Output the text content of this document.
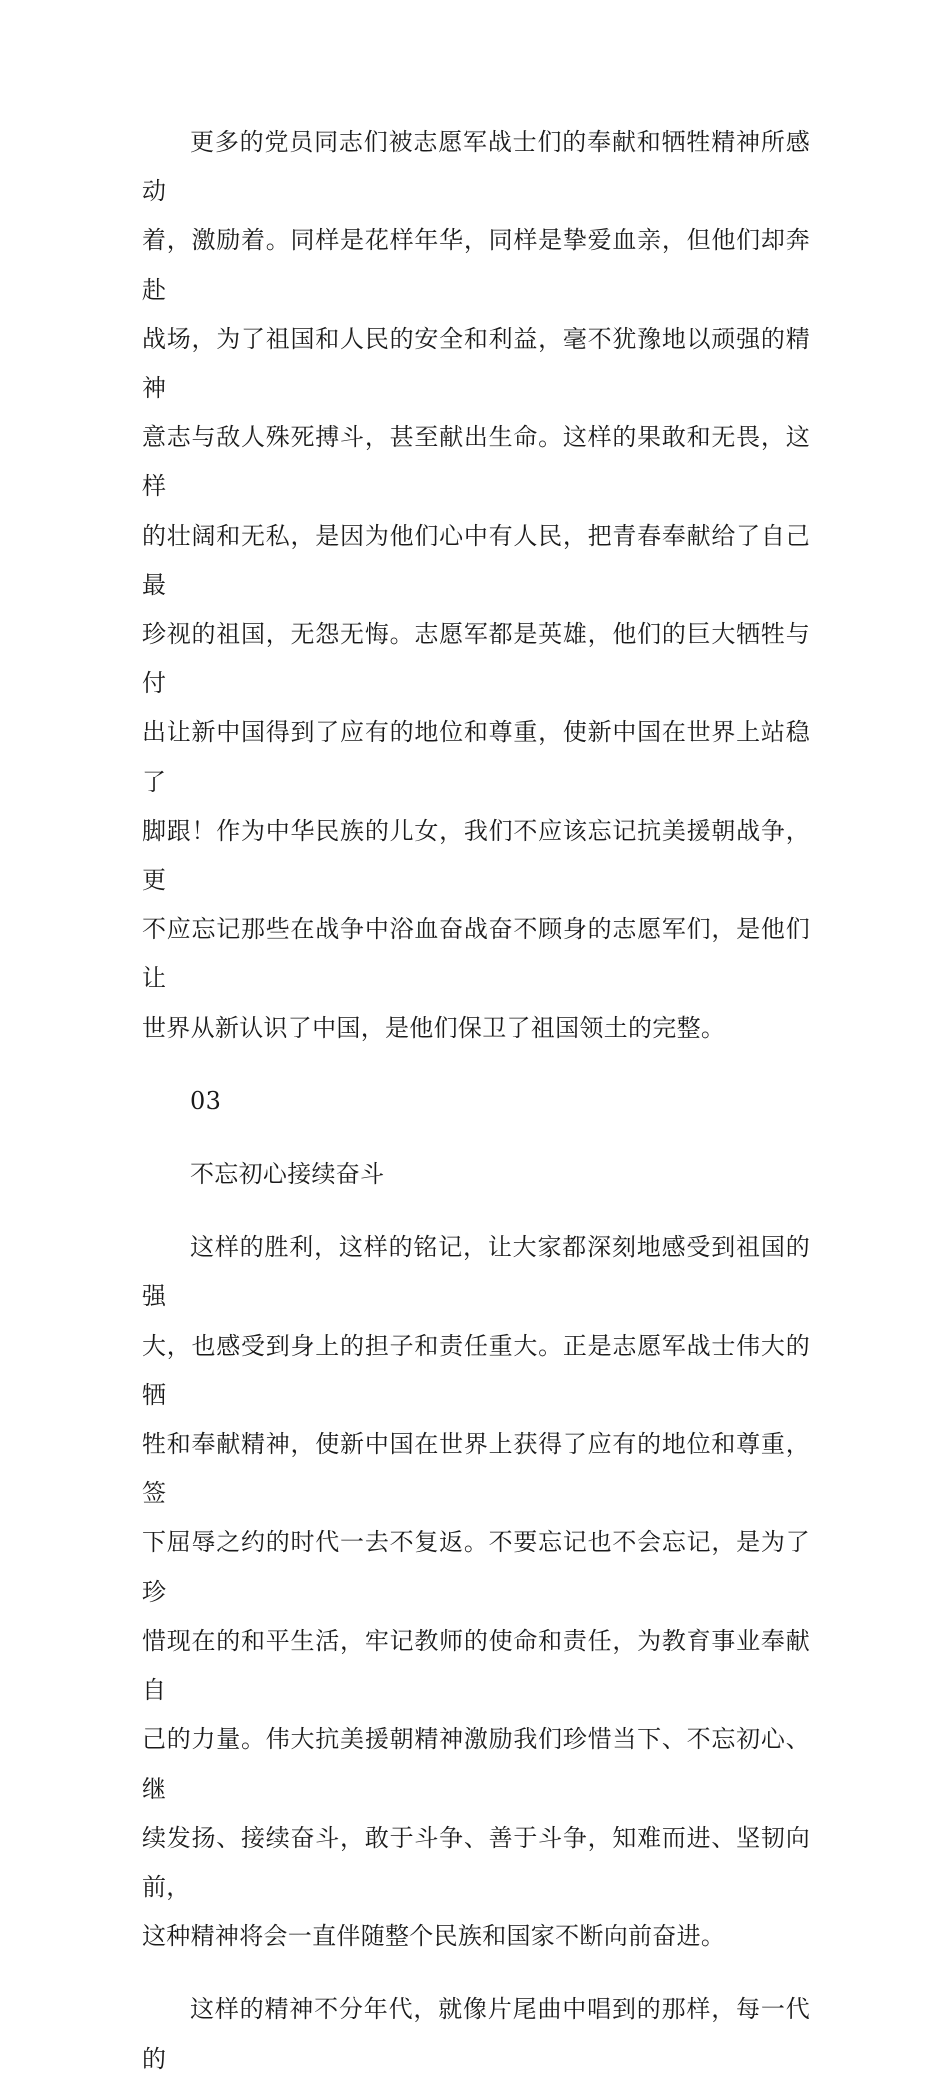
更多的党员同志们被志愿军战士们的奉献和牺牲精神所感动
着，激励着。同样是花样年华，同样是挚爱血亲，但他们却奔赴
战场，为了祖国和人民的安全和利益，毫不犹豫地以顽强的精神
意志与敌人殊死搏斗，甚至献出生命。这样的果敢和无畏，这样
的壮阔和无私，是因为他们心中有人民，把青春奉献给了自己最
珍视的祖国，无怨无悔。志愿军都是英雄，他们的巨大牺牲与付
出让新中国得到了应有的地位和尊重，使新中国在世界上站稳了
脚跟！作为中华民族的儿女，我们不应该忘记抗美援朝战争，更
不应忘记那些在战争中浴血奋战奋不顾身的志愿军们，是他们让
世界从新认识了中国，是他们保卫了祖国领土的完整。

03

不忘初心接续奋斗

这样的胜利，这样的铭记，让大家都深刻地感受到祖国的强
大，也感受到身上的担子和责任重大。正是志愿军战士伟大的牺
牲和奉献精神，使新中国在世界上获得了应有的地位和尊重，签
下屈辱之约的时代一去不复返。不要忘记也不会忘记，是为了珍
惜现在的和平生活，牢记教师的使命和责任，为教育事业奉献自
己的力量。伟大抗美援朝精神激励我们珍惜当下、不忘初心、继
续发扬、接续奋斗，敢于斗争、善于斗争，知难而进、坚韧向前，
这种精神将会一直伴随整个民族和国家不断向前奋进。

这样的精神不分年代，就像片尾曲中唱到的那样，每一代的
